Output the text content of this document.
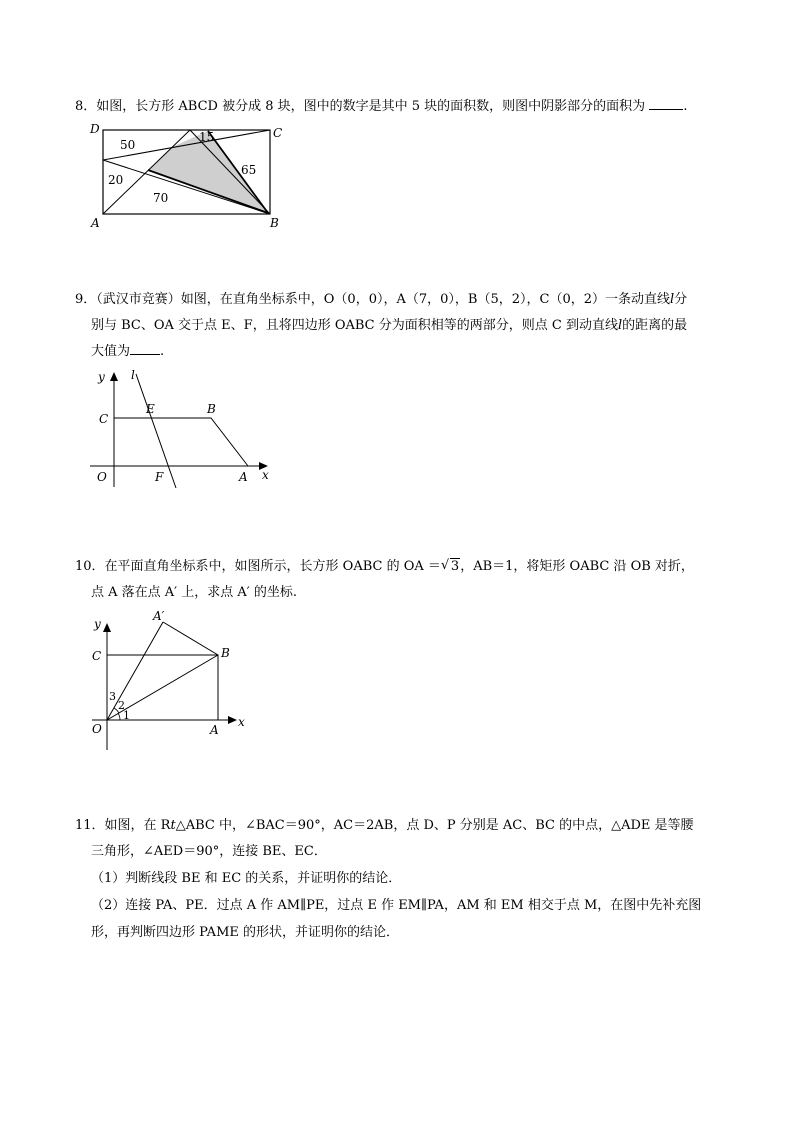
8．如图，长方形 ABCD 被分成 8 块，图中的数字是其中 5 块的面积数，则图中阴影部分的面积为	.
D	C
A	B
50
15
65
20
70
9．（武汉市竞赛）如图，在直角坐标系中，O（0，0），A（7，0），B（5，2），C（0，2）一条动直线l分
别与 BC、OA 交于点 E、F，且将四边形 OABC 分为面积相等的两部分，则点 C 到动直线l的距离的最
大值为 .
y l
C
E	B
O	F	A x
10．在平面直角坐标系中，如图所示，长方形 OABC 的 OA ＝√ 3，AB＝1，将矩形 OABC 沿 OB 对折，
点 A 落在点 A′ 上，求点 A′ 的坐标.
y
A′
C	B
3
2
1
O	A
x
11．如图，在 Rt△ABC 中，∠BAC＝90°，AC＝2AB，点 D、P 分别是 AC、BC 的中点，△ADE 是等腰
三角形，∠AED＝90°，连接 BE、EC．
（1）判断线段 BE 和 EC 的关系，并证明你的结论．
（2）连接 PA、PE．过点 A 作 AM∥PE，过点 E 作 EM∥PA，AM 和 EM 相交于点 M，在图中先补充图
形，再判断四边形 PAME 的形状，并证明你的结论．
